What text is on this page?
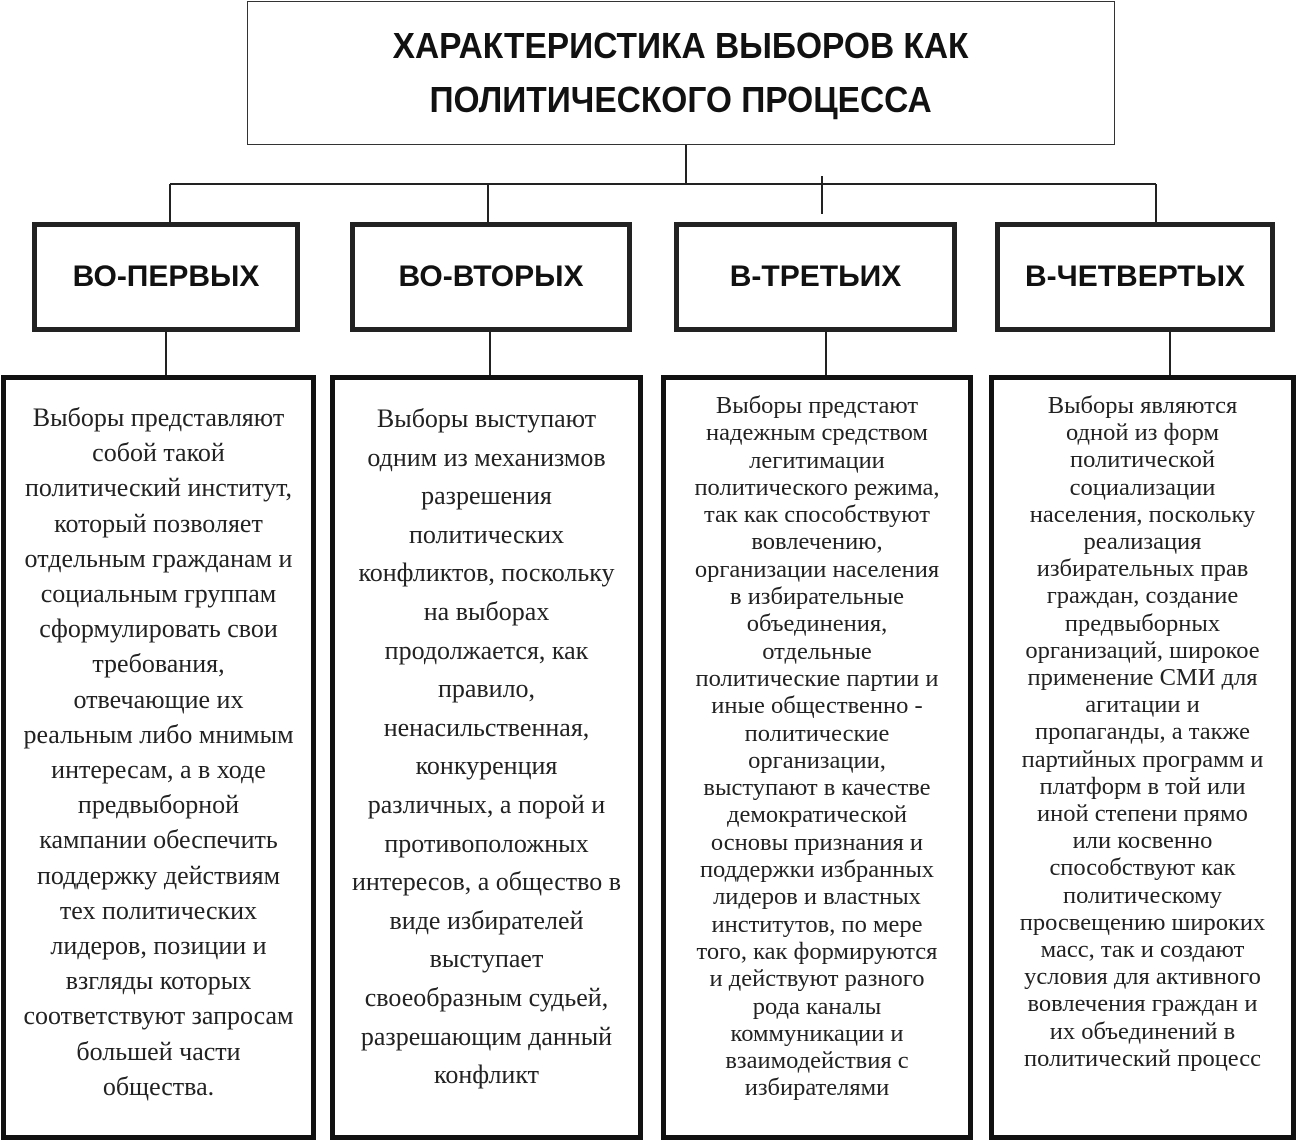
ХАРАКТЕРИСТИКА ВЫБОРОВ КАК
ПОЛИТИЧЕСКОГО ПРОЦЕССА
ВО-ПЕРВЫХ	ВО-ВТОРЫХ	В-ТРЕТЬИХ	В-ЧЕТВЕРТЫХ
Выборы представляют
собой такой
политический институт,
который позволяет
отдельным гражданам и
социальным группам
сформулировать свои
требования,
отвечающие их
реальным либо мнимым
интересам, а в ходе
предвыборной
кампании обеспечить
поддержку действиям
тех политических
лидеров, позиции и
взгляды которых
соответствуют запросам
большей части
общества.
Выборы выступают
одним из механизмов
разрешения
политических
конфликтов, поскольку
на выборах
продолжается, как
правило,
ненасильственная,
конкуренция
различных, а порой и
противоположных
интересов, а общество в
виде избирателей
выступает
своеобразным судьей,
разрешающим данный
конфликт
Выборы предстают
надежным средством
легитимации
политического режима,
так как способствуют
вовлечению,
организации населения
в избирательные
объединения,
отдельные
политические партии и
иные общественно -
политические
организации,
выступают в качестве
демократической
основы признания и
поддержки избранных
лидеров и властных
институтов, по мере
того, как формируются
и действуют разного
рода каналы
коммуникации и
взаимодействия с
избирателями
Выборы являются
одной из форм
политической
социализации
населения, поскольку
реализация
избирательных прав
граждан, создание
предвыборных
организаций, широкое
применение СМИ для
агитации и
пропаганды, а также
партийных программ и
платформ в той или
иной степени прямо
или косвенно
способствуют как
политическому
просвещению широких
масс, так и создают
условия для активного
вовлечения граждан и
их объединений в
политический процесс
